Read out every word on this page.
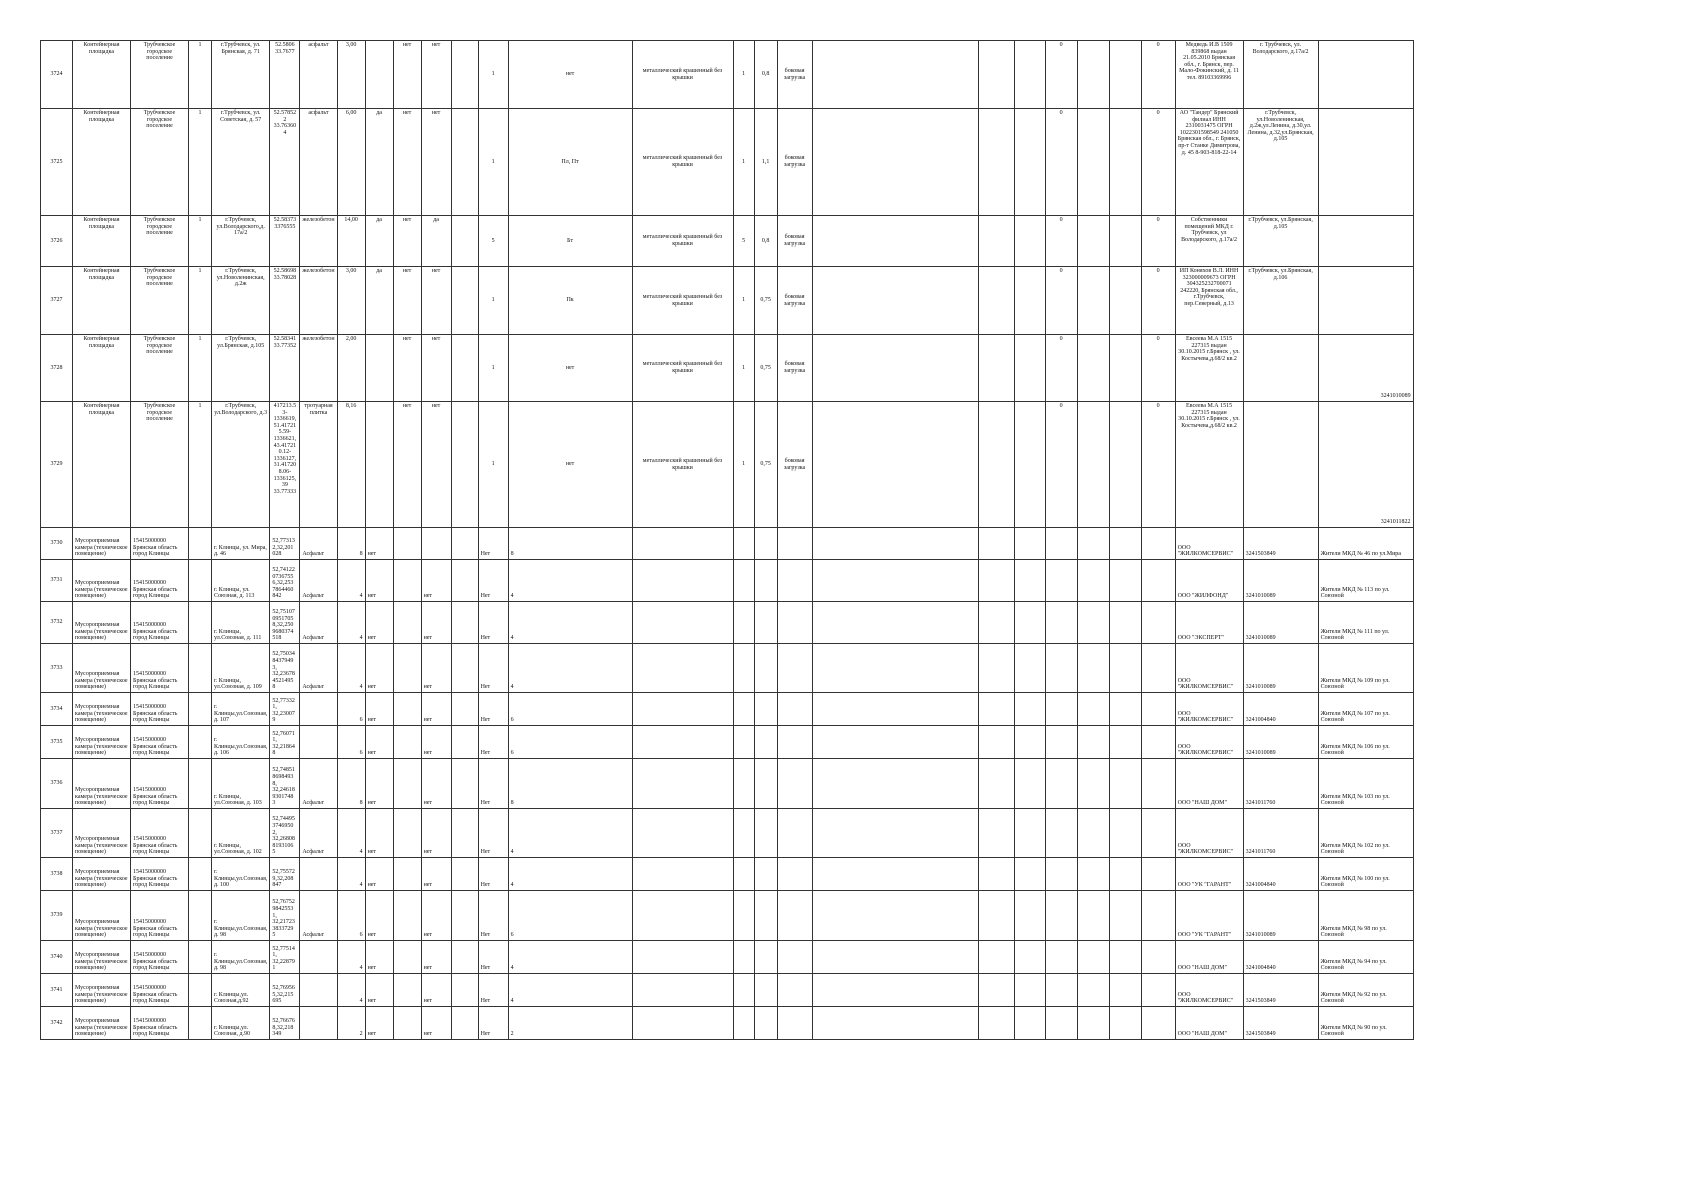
3724	Контейнерная площадка	Трубчевское городское поселение	1	г.Трубчевск, ул. Брянская, д. 71	52.5806 33.7677	асфальт	3,00		нет	нет		1	нет	металлический крашенный без крышки	1	0,8	боковая загрузка				0			0	Медведь И.В 1509 839868 выдан 21.05.2010 Брянская обл., г. Брянск, пер. Мало-Фокинский, д. 11 тел. 89103369996	г. Трубчевск, ул. Володарского, д.17а/2	
3725	Контейнерная площадка	Трубчевское городское поселение	1	г.Трубчевск, ул. Советская, д. 57	52.57852 2 33.76360 4	асфальт	6,00	да	нет	нет		1	Пл, Пт	металлический крашенный без крышки	1	1,1	боковая загрузка				0			0	АО "Тандер" Брянский филиал ИНН 2310031475 ОГРН 1022301598549 241050 Брянская обл., г. Брянск, пр-т Станке Димитрова, д. 45 8-903-818-22-14	г.Трубчевск, ул.Новоленинская, д.2ж,ул.Ленина, д.30,ул. Ленина, д.32,ул.Брянская, д.105	
3726	Контейнерная площадка	Трубчевское городское поселение	1	г.Трубчевск, ул.Володарского,д. 17а/2	52.58373 3376555	железобетон	14,00	да	нет	да		5	Бт	металлический крашенный без крышки	5	0,8	боковая загрузка				0			0	Собственники помещений МКД г. Трубчевск, ул Володарского, д.17а/2	г.Трубчевск, ул.Брянская, д.105	
3727	Контейнерная площадка	Трубчевское городское поселение	1	г.Трубчевск, ул.Новоленинская, д.2ж	52.58698 33.78028	железобетон	3,00	да	нет	нет		1	Пк	металлический крашенный без крышки	1	0,75	боковая загрузка				0			0	ИП Коняхов В.Л. ИНН 323000009673 ОГРН 304325232700071 242220, Брянская обл., г.Трубчевск, пер.Северный, д.13	г.Трубчевск, ул.Брянская, д.106	
3728	Контейнерная площадка	Трубчевское городское поселение	1	г.Трубчевск, ул.Брянская, д.105	52.58341 33.77352	железобетон	2,00		нет	нет		1	нет	металлический крашенный без крышки	1	0,75	боковая загрузка				0			0	Евсеева М.А 1515 227315 выдан 30.10.2015 г.Брянск , ул. Костычева,д.68/2 кв.2		3241010089
3729	Контейнерная площадка	Трубчевское городское поселение	1	г.Трубчевск, ул.Володарского, д.3	417213.5 3-1336619, 51.41721 5.59-1336621, 43.41721 0.12-1336127, 31.41720 8.06-1336125, 39 33.77333	тротуарная плитка	8,16		нет	нет		1	нет	металлический крашенный без крышки	1	0,75	боковая загрузка				0			0	Евсеева М.А 1515 227315 выдан 30.10.2015 г.Брянск , ул. Костычева,д.68/2 кв.2		3241011822
3730	Мусороприемная камера (техническое помещение)	15415000000 Брянская область город Клинцы		г. Клинцы, ул. Мира, д. 46	52,77313 2,32,201 028	Асфальт	8	нет				Нет	8												ООО "ЖИЛКОМСЕРВИС"	3241503849	Жители МКД № 46 по ул.Мира
3731	Мусороприемная камера (техническое помещение)	15415000000 Брянская область город Клинцы		г. Клинцы, ул. Союзная, д. 113	52,74122 0736755 6,32,253 7864460 842	Асфальт	4	нет		нет		Нет	4												ООО "ЖИЛФОНД"	3241010089	Жители МКД № 113 по ул. Союзной
3732	Мусороприемная камера (техническое помещение)	15415000000 Брянская область город Клинцы		г. Клинцы, ул.Союзная, д. 111	52,75107 0951705 8,32,250 9680374 518	Асфальт	4	нет		нет		Нет	4												ООО "ЭКСПЕРТ"	3241010089	Жители МКД № 111 по ул. Союзной
3733	Мусороприемная камера (техническое помещение)	15415000000 Брянская область город Клинцы		г. Клинцы, ул.Союзная, д. 109	52,75034 8437949 3, 32,23678 4521495 8	Асфальт	4	нет		нет		Нет	4												ООО "ЖИЛКОМСЕРВИС"	3241010089	Жители МКД № 109 по ул. Союзной
3734	Мусороприемная камера (техническое помещение)	15415000000 Брянская область город Клинцы		г. Клинцы,ул.Союзная, д. 107	52,77332 1, 32,23007 9		6	нет		нет		Нет	6												ООО "ЖИЛКОМСЕРВИС"	3241004840	Жители МКД № 107 по ул. Союзной
3735	Мусороприемная камера (техническое помещение)	15415000000 Брянская область город Клинцы		г. Клинцы,ул.Союзная, д. 106	52,76071 1, 32,21864 8		6	нет		нет		Нет	6												ООО "ЖИЛКОМСЕРВИС"	3241010089	Жители МКД № 106 по ул. Союзной
3736	Мусороприемная камера (техническое помещение)	15415000000 Брянская область город Клинцы		г. Клинцы, ул.Союзная, д. 103	52,74851 8698493 8, 32,24618 9301748 3	Асфальт	8	нет		нет		Нет	8												ООО "НАШ ДОМ"	3241011760	Жители МКД № 103 по ул. Союзной
3737	Мусороприемная камера (техническое помещение)	15415000000 Брянская область город Клинцы		г. Клинцы, ул.Союзная, д. 102	52,74495 3746950 2, 32,26808 8193106 5	Асфальт	4	нет		нет		Нет	4												ООО "ЖИЛКОМСЕРВИС"	3241011760	Жители МКД № 102 по ул. Союзной
3738	Мусороприемная камера (техническое помещение)	15415000000 Брянская область город Клинцы		г. Клинцы,ул.Союзная, д. 100	52,75572 9,32,208 847		4	нет		нет		Нет	4												ООО "УК "ГАРАНТ"	3241004840	Жители МКД № 100 по ул. Союзной
3739	Мусороприемная камера (техническое помещение)	15415000000 Брянская область город Клинцы		г. Клинцы,ул.Союзная, д. 98	52,76752 9842553 1, 32,21723 3833729 5	Асфальт	6	нет		нет		Нет	6												ООО "УК "ГАРАНТ"	3241010089	Жители МКД № 98 по ул. Союзной
3740	Мусороприемная камера (техническое помещение)	15415000000 Брянская область город Клинцы		г. Клинцы,ул.Союзная, д. 98	52,77514 1, 32,22879 1		4	нет		нет		Нет	4												ООО "НАШ ДОМ"	3241004840	Жители МКД № 94 по ул. Союзной
3741	Мусороприемная камера (техническое помещение)	15415000000 Брянская область город Клинцы		г. Клинцы,ул. Союзная,д.92	52,76956 5,32,215 695		4	нет		нет		Нет	4												ООО "ЖИЛКОМСЕРВИС"	3241503849	Жители МКД № 92 по ул. Союзной
3742	Мусороприемная камера (техническое помещение)	15415000000 Брянская область город Клинцы		г. Клинцы,ул. Союзная, д.90	52,76676 8,32,218 349		2	нет		нет		Нет	2												ООО "НАШ ДОМ"	3241503849	Жители МКД № 90 по ул. Союзной
